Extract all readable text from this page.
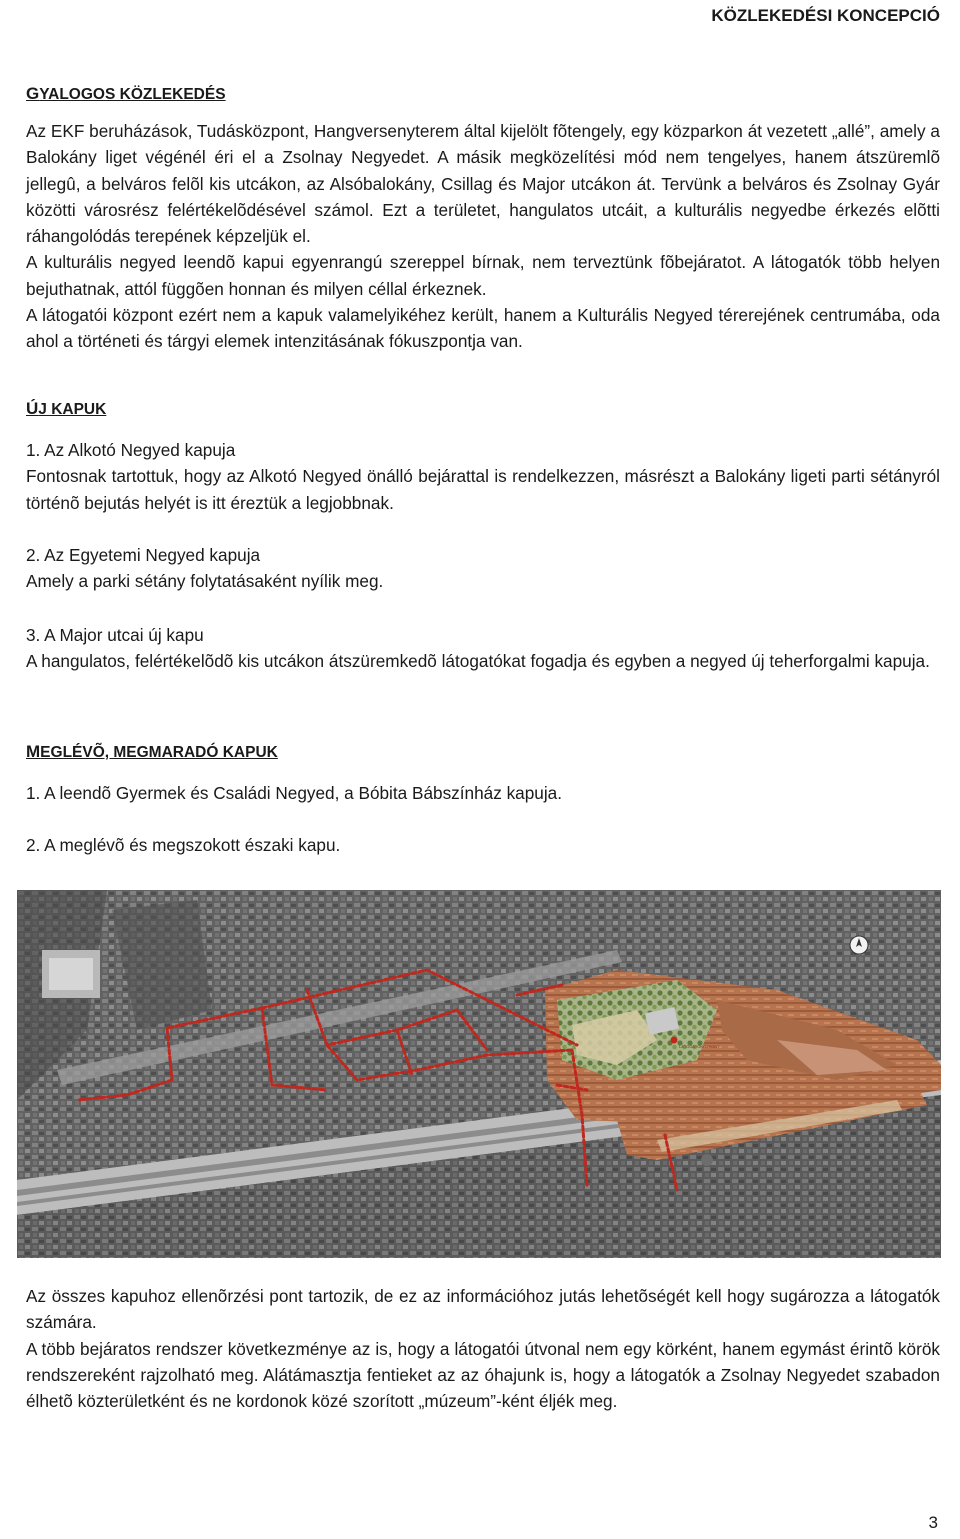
KÖZLEKEDÉSI KONCEPCIÓ
GYALOGOS KÖZLEKEDÉS

Az EKF beruházások, Tudásközpont, Hangversenyterem által kijelölt fõtengely, egy közparkon át vezetett „allé”, amely a Balokány liget végénél éri el a Zsolnay Negyedet. A másik megközelítési mód nem tengelyes, hanem átszüremlõ jellegû, a belváros felõl kis utcákon, az Alsóbalokány, Csillag és Major utcákon át. Tervünk a belváros és Zsolnay Gyár közötti városrész felértékelõdésével számol. Ezt a területet, hangulatos utcáit, a kulturális negyedbe érkezés elõtti ráhangolódás terepének képzeljük el.

A kulturális negyed leendõ kapui egyenrangú szereppel bírnak, nem terveztünk fõbejáratot. A látogatók több helyen bejuthatnak, attól függõen honnan és milyen céllal érkeznek.

A látogatói központ ezért nem a kapuk valamelyikéhez került, hanem a Kulturális Negyed térerejének centrumába, oda ahol a történeti és tárgyi elemek intenzitásának fókuszpontja van.

ÚJ KAPUK

1. Az Alkotó Negyed kapuja

Fontosnak tartottuk, hogy az Alkotó Negyed önálló bejárattal is rendelkezzen, másrészt a Balokány ligeti parti sétányról történõ bejutás helyét is itt éreztük a legjobbnak.

2. Az Egyetemi Negyed kapuja

Amely a parki sétány folytatásaként nyílik meg.

3. A Major utcai új kapu

A hangulatos, felértékelõdõ kis utcákon átszüremkedõ látogatókat fogadja és egyben a negyed új teherforgalmi kapuja.

MEGLÉVÕ, MEGMARADÓ KAPUK
1. A leendõ Gyermek és Családi Negyed, a Bóbita Bábszínház kapuja.
2. A meglévõ és megszokott északi kapu.
LÁTOGATÓKÖZPONT

Az összes kapuhoz ellenõrzési pont tartozik, de ez az információhoz jutás lehetõségét kell hogy sugározza a látogatók számára.

A több bejáratos rendszer következménye az is, hogy a látogatói útvonal nem egy körként, hanem egymást érintõ körök rendszereként rajzolható meg. Alátámasztja fentieket az az óhajunk is, hogy a látogatók a Zsolnay Negyedet szabadon élhetõ közterületként és ne kordonok közé szorított „múzeum”-ként éljék meg.

3
